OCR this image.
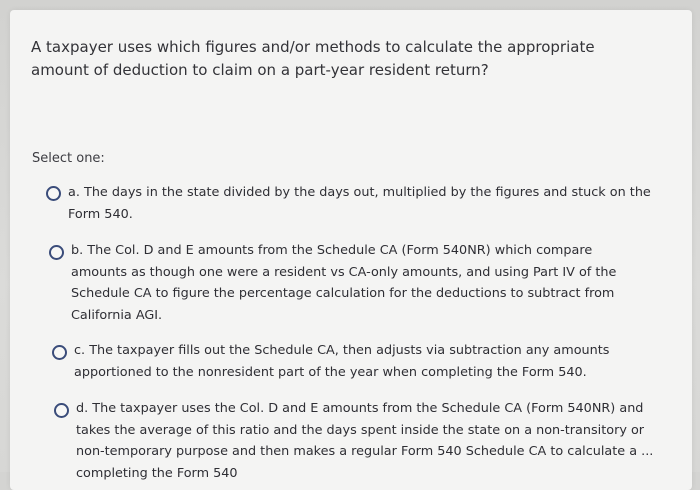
A taxpayer uses which figures and/or methods to calculate the appropriate amount of deduction to claim on a part-year resident return?
Select one:
a. The days in the state divided by the days out, multiplied by the figures and stuck on the Form 540.
b. The Col. D and E amounts from the Schedule CA (Form 540NR) which compare amounts as though one were a resident vs CA-only amounts, and using Part IV of the Schedule CA to figure the percentage calculation for the deductions to subtract from California AGI.
c. The taxpayer fills out the Schedule CA, then adjusts via subtraction any amounts apportioned to the nonresident part of the year when completing the Form 540.
d. The taxpayer uses the Col. D and E amounts from the Schedule CA (Form 540NR) and takes the average of this ratio and the days spent inside the state on a non-transitory or non-temporary purpose and then makes a regular Form 540 Schedule CA to calculate a ... completing the Form 540
